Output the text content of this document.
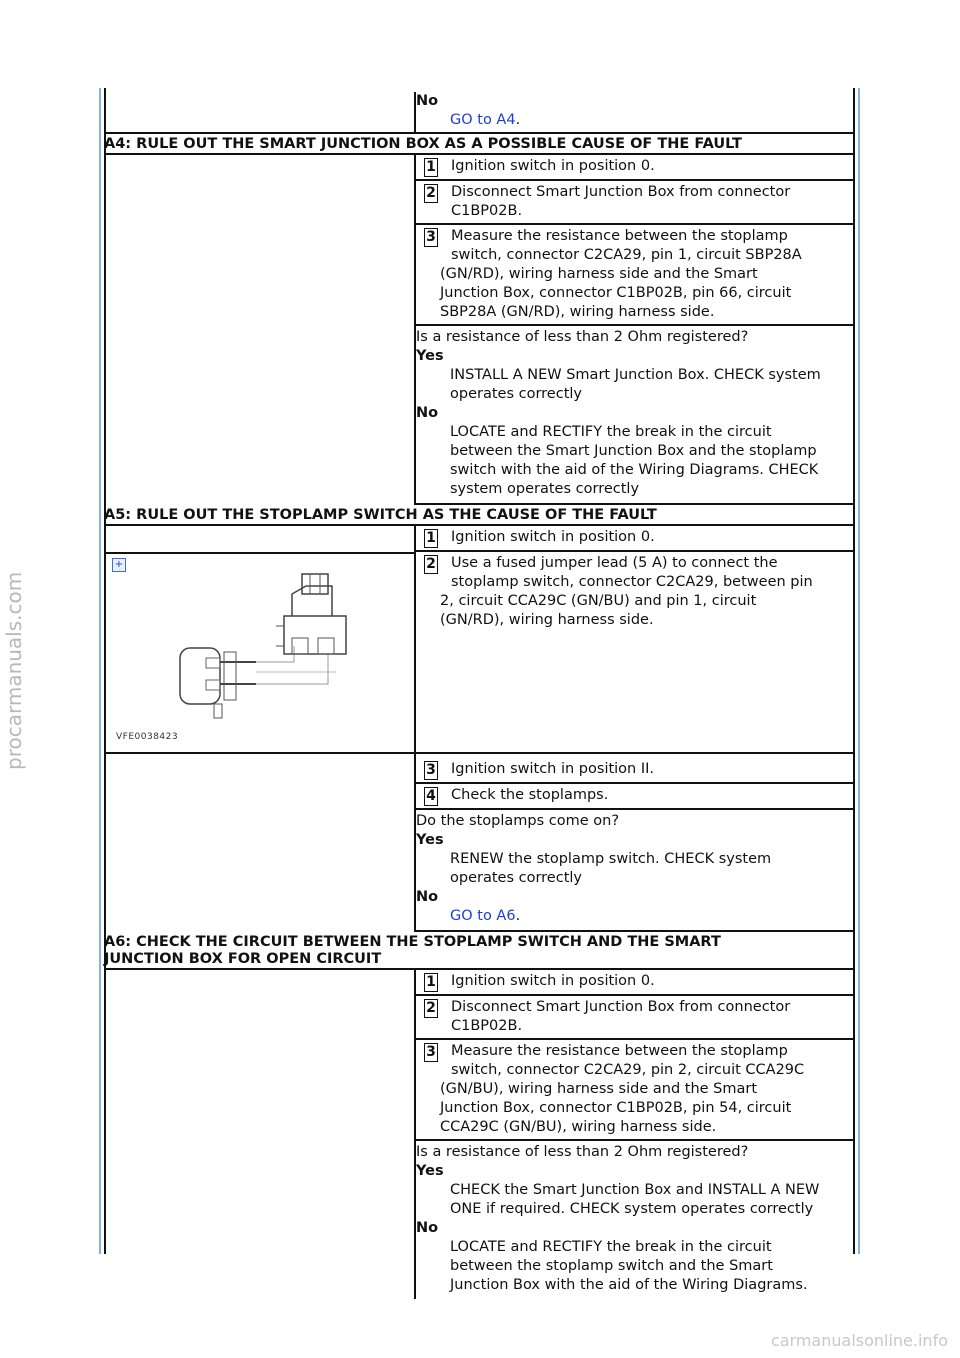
procarmanuals.com
No
GO to A4.
A4: RULE OUT THE SMART JUNCTION BOX AS A POSSIBLE CAUSE OF THE FAULT
1 Ignition switch in position 0.
2 Disconnect Smart Junction Box from connector
C1BP02B.
3 Measure the resistance between the stoplamp
switch, connector C2CA29, pin 1, circuit SBP28A
(GN/RD), wiring harness side and the Smart
Junction Box, connector C1BP02B, pin 66, circuit
SBP28A (GN/RD), wiring harness side.
Is a resistance of less than 2 Ohm registered?
Yes
INSTALL A NEW Smart Junction Box. CHECK system
operates correctly
No
LOCATE and RECTIFY the break in the circuit
between the Smart Junction Box and the stoplamp
switch with the aid of the Wiring Diagrams. CHECK
system operates correctly
A5: RULE OUT THE STOPLAMP SWITCH AS THE CAUSE OF THE FAULT
1 Ignition switch in position 0.
+
VFE0038423
2 Use a fused jumper lead (5 A) to connect the
stoplamp switch, connector C2CA29, between pin
2, circuit CCA29C (GN/BU) and pin 1, circuit
(GN/RD), wiring harness side.
3 Ignition switch in position II.
4 Check the stoplamps.
Do the stoplamps come on?
Yes
RENEW the stoplamp switch. CHECK system
operates correctly
No
GO to A6.
A6: CHECK THE CIRCUIT BETWEEN THE STOPLAMP SWITCH AND THE SMART
JUNCTION BOX FOR OPEN CIRCUIT
1 Ignition switch in position 0.
2 Disconnect Smart Junction Box from connector
C1BP02B.
3 Measure the resistance between the stoplamp
switch, connector C2CA29, pin 2, circuit CCA29C
(GN/BU), wiring harness side and the Smart
Junction Box, connector C1BP02B, pin 54, circuit
CCA29C (GN/BU), wiring harness side.
Is a resistance of less than 2 Ohm registered?
Yes
CHECK the Smart Junction Box and INSTALL A NEW
ONE if required. CHECK system operates correctly
No
LOCATE and RECTIFY the break in the circuit
between the stoplamp switch and the Smart
Junction Box with the aid of the Wiring Diagrams.
carmanualsonline.info
